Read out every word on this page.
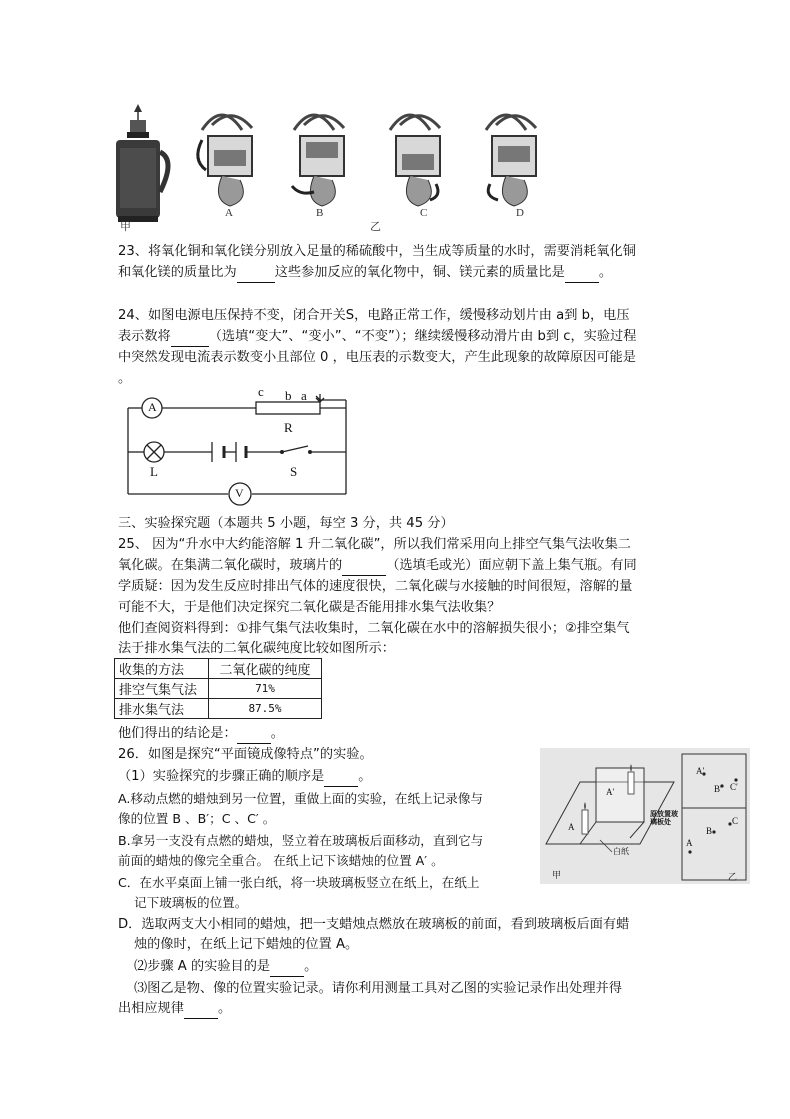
甲
A	B
乙
C	D
23、将氧化铜和氧化镁分别放入足量的稀硫酸中，当生成等质量的水时，需要消耗氧化铜
和氧化镁的质量比为	这些参加反应的氧化物中，铜、镁元素的质量比是	。
24、如图电源电压保持不变，闭合开关S，电路正常工作，缓慢移动划片由 a到 b，电压
表示数将	（选填“变大”、“变小”、“不变”）；继续缓慢移动滑片由 b到 c，实验过程
中突然发现电流表示数变小且部位 0 ，电压表的示数变大，产生此现象的故障原因可能是
。
A
V
L	S
R
c b a
三、实验探究题（本题共 5 小题，每空 3 分，共 45 分）
25、 因为“升水中大约能溶解 1 升二氧化碳”，所以我们常采用向上排空气集气法收集二
氧化碳。在集满二氧化碳时，玻璃片的	（选填毛或光）面应朝下盖上集气瓶。有同
学质疑：因为发生反应时排出气体的速度很快，二氧化碳与水接触的时间很短，溶解的量
可能不大，于是他们决定探究二氧化碳是否能用排水集气法收集？
他们查阅资料得到：①排气集气法收集时，二氧化碳在水中的溶解损失很小；②排空集气
法于排水集气法的二氧化碳纯度比较如图所示：
收集的方法	二氧化碳的纯度
排空气集气法	71%
排水集气法	87.5%
他们得出的结论是：	。
26．如图是探究“平面镜成像特点”的实验。
（1）实验探究的步骤正确的顺序是	。
A.移动点燃的蜡烛到另一位置，重做上面的实验，在纸上记录像与
像的位置 B 、B′；C 、C′ 。
B.拿另一支没有点燃的蜡烛，竖立着在玻璃板后面移动，直到它与
前面的蜡烛的像完全重合。 在纸上记下该蜡烛的位置 A′ 。
C．在水平桌面上铺一张白纸，将一块玻璃板竖立在纸上，在纸上
记下玻璃板的位置。
D．选取两支大小相同的蜡烛，把一支蜡烛点燃放在玻璃板的前面，看到玻璃板后面有蜡
烛的像时，在纸上记下蜡烛的位置 A。
⑵步骤 A 的实验目的是	。
⑶图乙是物、像的位置实验记录。请你利用测量工具对乙图的实验记录作出处理并得
出相应规律	。
A′
A
白纸
甲	乙
原放置玻
璃板处
A′
B′ C′
A
B
C
